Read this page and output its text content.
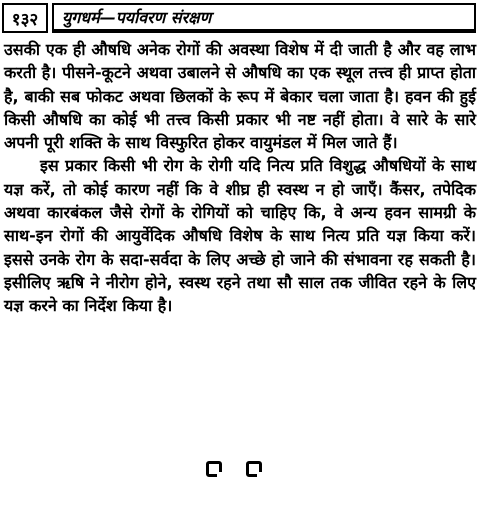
१३२	युगधर्म—पर्यावरण संरक्षण

उसकी एक ही औषधि अनेक रोगों की अवस्था विशेष में दी जाती है और वह लाभ करती है। पीसने-कूटने अथवा उबालने से औषधि का एक स्थूल तत्त्व ही प्राप्त होता है, बाकी सब फोकट अथवा छिलकों के रूप में बेकार चला जाता है। हवन की हुई किसी औषधि का कोई भी तत्त्व किसी प्रकार भी नष्ट नहीं होता। वे सारे के सारे अपनी पूरी शक्ति के साथ विस्फुरित होकर वायुमंडल में मिल जाते हैं।

इस प्रकार किसी भी रोग के रोगी यदि नित्य प्रति विशुद्ध औषधियों के साथ यज्ञ करें, तो कोई कारण नहीं कि वे शीघ्र ही स्वस्थ न हो जाएँ। कैंसर, तपेदिक अथवा कारबंकल जैसे रोगों के रोगियों को चाहिए कि, वे अन्य हवन सामग्री के साथ-इन रोगों की आयुर्वेदिक औषधि विशेष के साथ नित्य प्रति यज्ञ किया करें। इससे उनके रोग के सदा-सर्वदा के लिए अच्छे हो जाने की संभावना रह सकती है। इसीलिए ऋषि ने नीरोग होने, स्वस्थ रहने तथा सौ साल तक जीवित रहने के लिए यज्ञ करने का निर्देश किया है।
